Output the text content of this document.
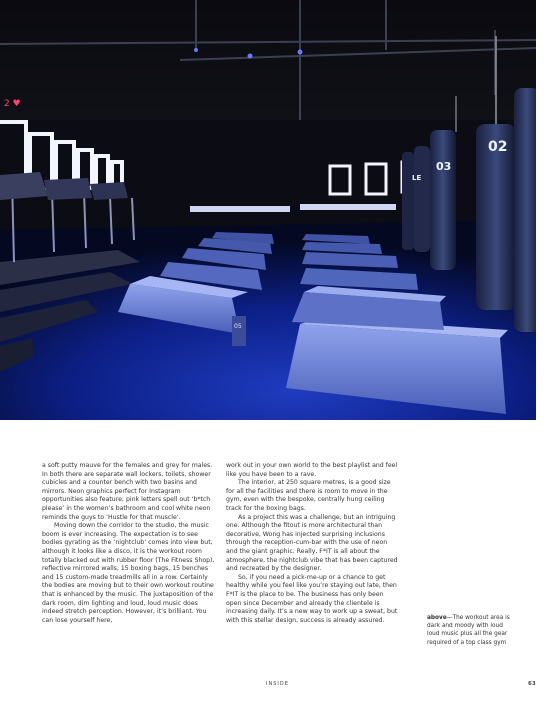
2 ♥
05
02
03
LE

a soft putty mauve for the females and grey for males. In both there are separate wall lockers, toilets, shower cubicles and a counter bench with two basins and mirrors. Neon graphics perfect for Instagram opportunities also feature; pink letters spell out ‘b*tch please’ in the women’s bathroom and cool white neon reminds the guys to ‘Hustle for that muscle’.

Moving down the corridor to the studio, the music boom is ever increasing. The expectation is to see bodies gyrating as the ‘nightclub’ comes into view but, although it looks like a disco, it is the workout room totally blacked out with rubber floor (The Fitness Shop), reflective mirrored walls, 15 boxing bags, 15 benches and 15 custom-made treadmills all in a row. Certainly the bodies are moving but to their own workout routine that is enhanced by the music. The juxtaposition of the dark room, dim lighting and loud, loud music does indeed stretch perception. However, it’s brilliant. You can lose yourself here,

work out in your own world to the best playlist and feel like you have been to a rave.

The interior, at 250 square metres, is a good size for all the facilities and there is room to move in the gym, even with the bespoke, centrally hung ceiling track for the boxing bags.

As a project this was a challenge, but an intriguing one. Although the fitout is more architectural than decorative, Wong has injected surprising inclusions through the reception-cum-bar with the use of neon and the giant graphic. Really, F*IT is all about the atmosphere, the nightclub vibe that has been captured and recreated by the designer.

So, if you need a pick-me-up or a chance to get healthy while you feel like you’re staying out late, then F*IT is the place to be. The business has only been open since December and already the clientele is increasing daily. It’s a new way to work up a sweat, but with this stellar design, success is already assured.	above—The workout area is
dark and moody with loud
loud music plus all the gear
required of a top class gym
INSIDE	63
